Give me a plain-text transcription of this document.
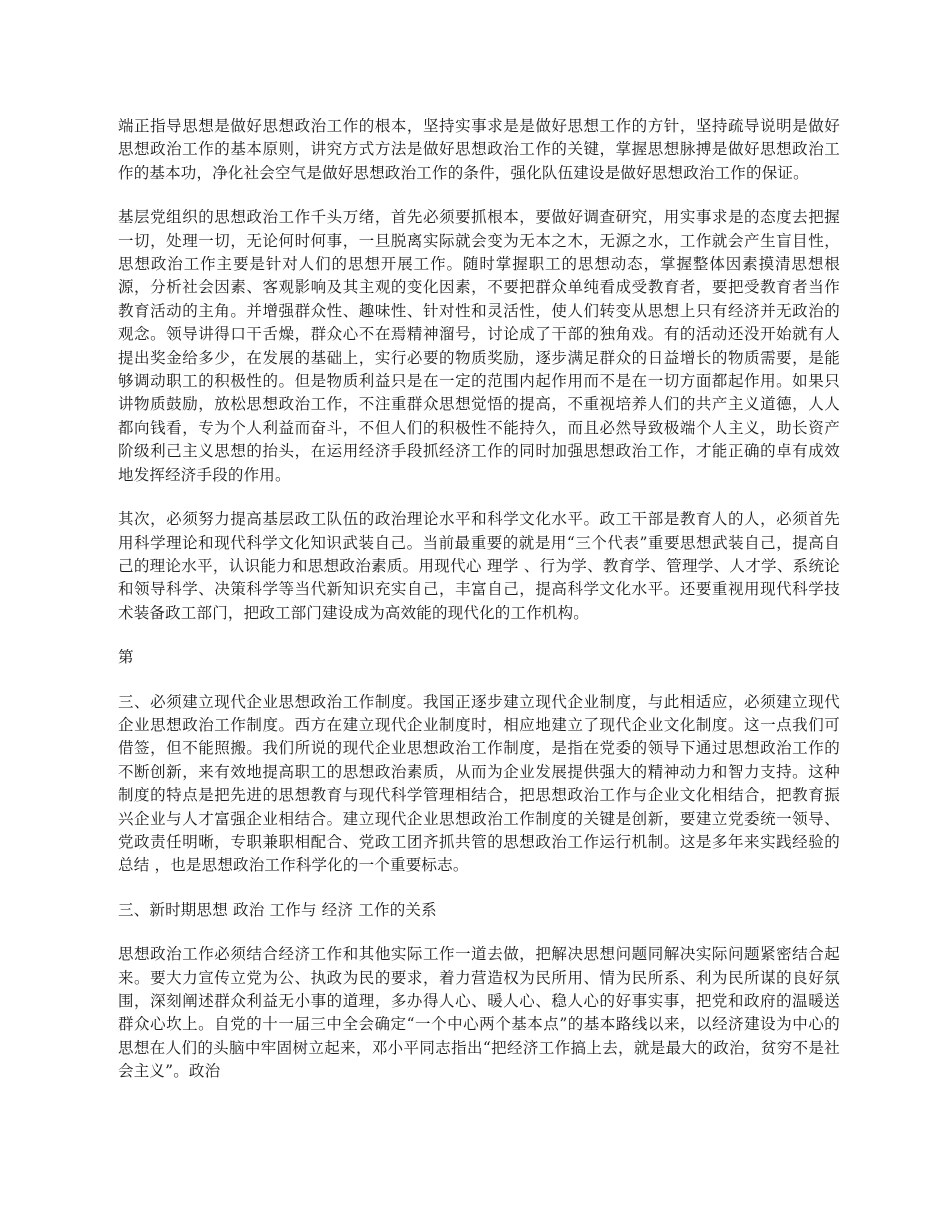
端正指导思想是做好思想政治工作的根本，坚持实事求是是做好思想工作的方针，坚持疏导说明是做好思想政治工作的基本原则，讲究方式方法是做好思想政治工作的关键，掌握思想脉搏是做好思想政治工作的基本功，净化社会空气是做好思想政治工作的条件，强化队伍建设是做好思想政治工作的保证。

基层党组织的思想政治工作千头万绪，首先必须要抓根本，要做好调查研究，用实事求是的态度去把握一切，处理一切，无论何时何事，一旦脱离实际就会变为无本之木，无源之水，工作就会产生盲目性，思想政治工作主要是针对人们的思想开展工作。随时掌握职工的思想动态，掌握整体因素摸清思想根源，分析社会因素、客观影响及其主观的变化因素，不要把群众单纯看成受教育者，要把受教育者当作教育活动的主角。并增强群众性、趣味性、针对性和灵活性，使人们转变从思想上只有经济并无政治的观念。领导讲得口干舌燥，群众心不在焉精神溜号，讨论成了干部的独角戏。有的活动还没开始就有人提出奖金给多少，在发展的基础上，实行必要的物质奖励，逐步满足群众的日益增长的物质需要，是能够调动职工的积极性的。但是物质利益只是在一定的范围内起作用而不是在一切方面都起作用。如果只讲物质鼓励，放松思想政治工作，不注重群众思想觉悟的提高，不重视培养人们的共产主义道德，人人都向钱看，专为个人利益而奋斗，不但人们的积极性不能持久，而且必然导致极端个人主义，助长资产阶级利己主义思想的抬头，在运用经济手段抓经济工作的同时加强思想政治工作，才能正确的卓有成效地发挥经济手段的作用。

其次，必须努力提高基层政工队伍的政治理论水平和科学文化水平。政工干部是教育人的人，必须首先用科学理论和现代科学文化知识武装自己。当前最重要的就是用“三个代表”重要思想武装自己，提高自己的理论水平，认识能力和思想政治素质。用现代心 理学 、行为学、教育学、管理学、人才学、系统论和领导科学、决策科学等当代新知识充实自己，丰富自己，提高科学文化水平。还要重视用现代科学技术装备政工部门，把政工部门建设成为高效能的现代化的工作机构。

第

三、必须建立现代企业思想政治工作制度。我国正逐步建立现代企业制度，与此相适应，必须建立现代企业思想政治工作制度。西方在建立现代企业制度时，相应地建立了现代企业文化制度。这一点我们可借签，但不能照搬。我们所说的现代企业思想政治工作制度，是指在党委的领导下通过思想政治工作的不断创新，来有效地提高职工的思想政治素质，从而为企业发展提供强大的精神动力和智力支持。这种制度的特点是把先进的思想教育与现代科学管理相结合，把思想政治工作与企业文化相结合，把教育振兴企业与人才富强企业相结合。建立现代企业思想政治工作制度的关键是创新，要建立党委统一领导、党政责任明晰，专职兼职相配合、党政工团齐抓共管的思想政治工作运行机制。这是多年来实践经验的 总结 ，也是思想政治工作科学化的一个重要标志。

三、新时期思想 政治 工作与 经济 工作的关系

思想政治工作必须结合经济工作和其他实际工作一道去做，把解决思想问题同解决实际问题紧密结合起来。要大力宣传立党为公、执政为民的要求，着力营造权为民所用、情为民所系、利为民所谋的良好氛围，深刻阐述群众利益无小事的道理，多办得人心、暖人心、稳人心的好事实事，把党和政府的温暖送群众心坎上。自党的十一届三中全会确定“一个中心两个基本点”的基本路线以来，以经济建设为中心的思想在人们的头脑中牢固树立起来，邓小平同志指出“把经济工作搞上去，就是最大的政治，贫穷不是社会主义”。政治
